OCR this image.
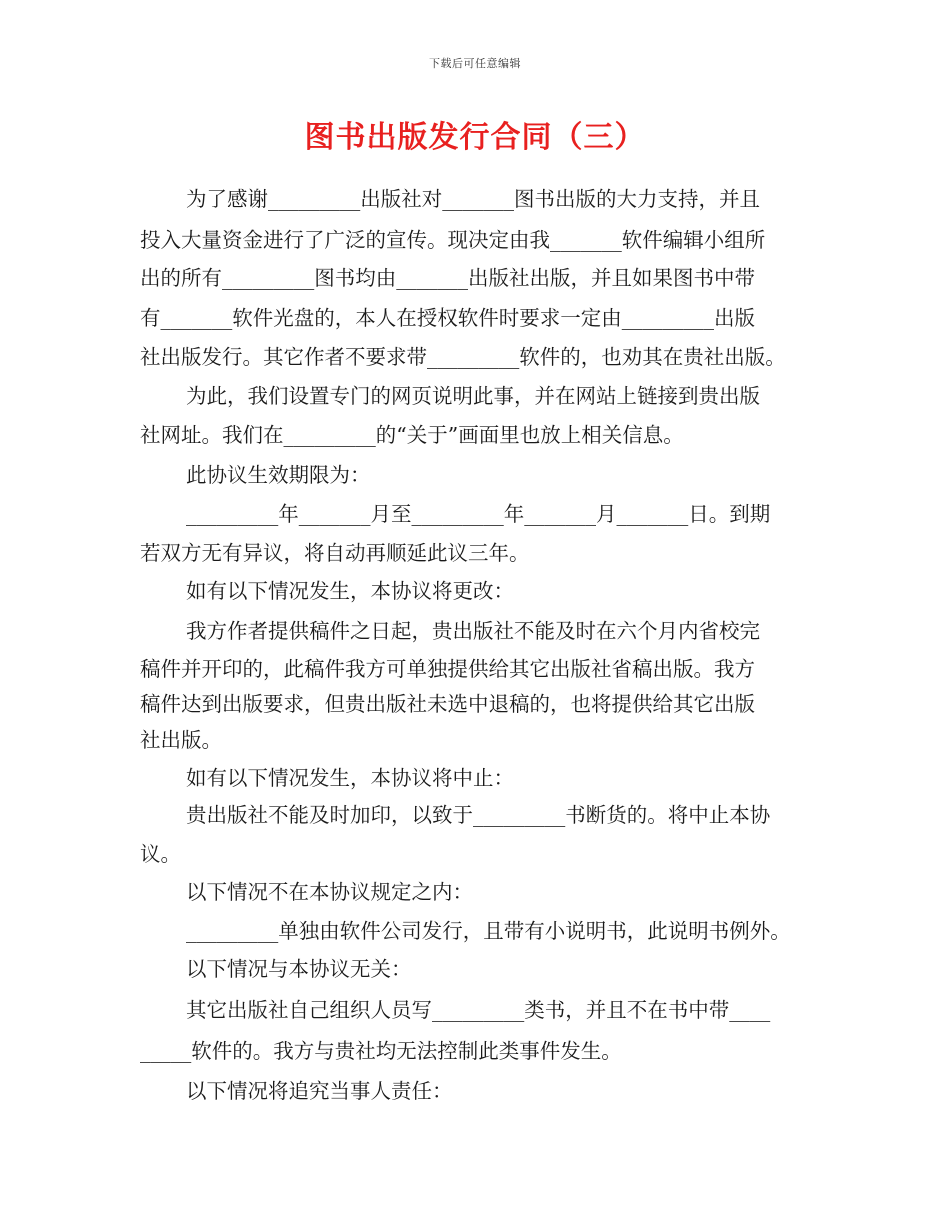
下载后可任意编辑
图书出版发行合同（三）
为了感谢_________出版社对_______图书出版的大力支持，并且
投入大量资金进行了广泛的宣传。现决定由我_______软件编辑小组所
出的所有_________图书均由_______出版社出版，并且如果图书中带
有_______软件光盘的，本人在授权软件时要求一定由_________出版
社出版发行。其它作者不要求带_________软件的，也劝其在贵社出版。
为此，我们设置专门的网页说明此事，并在网站上链接到贵出版
社网址。我们在_________的“关于”画面里也放上相关信息。
此协议生效期限为：
_________年_______月至_________年_______月_______日。到期
若双方无有异议，将自动再顺延此议三年。
如有以下情况发生，本协议将更改：
我方作者提供稿件之日起，贵出版社不能及时在六个月内省校完
稿件并开印的，此稿件我方可单独提供给其它出版社省稿出版。我方
稿件达到出版要求，但贵出版社未选中退稿的，也将提供给其它出版
社出版。
如有以下情况发生，本协议将中止：
贵出版社不能及时加印，以致于_________书断货的。将中止本协
议。
以下情况不在本协议规定之内：
_________单独由软件公司发行，且带有小说明书，此说明书例外。
以下情况与本协议无关：
其它出版社自己组织人员写_________类书，并且不在书中带____
_____软件的。我方与贵社均无法控制此类事件发生。
以下情况将追究当事人责任：
